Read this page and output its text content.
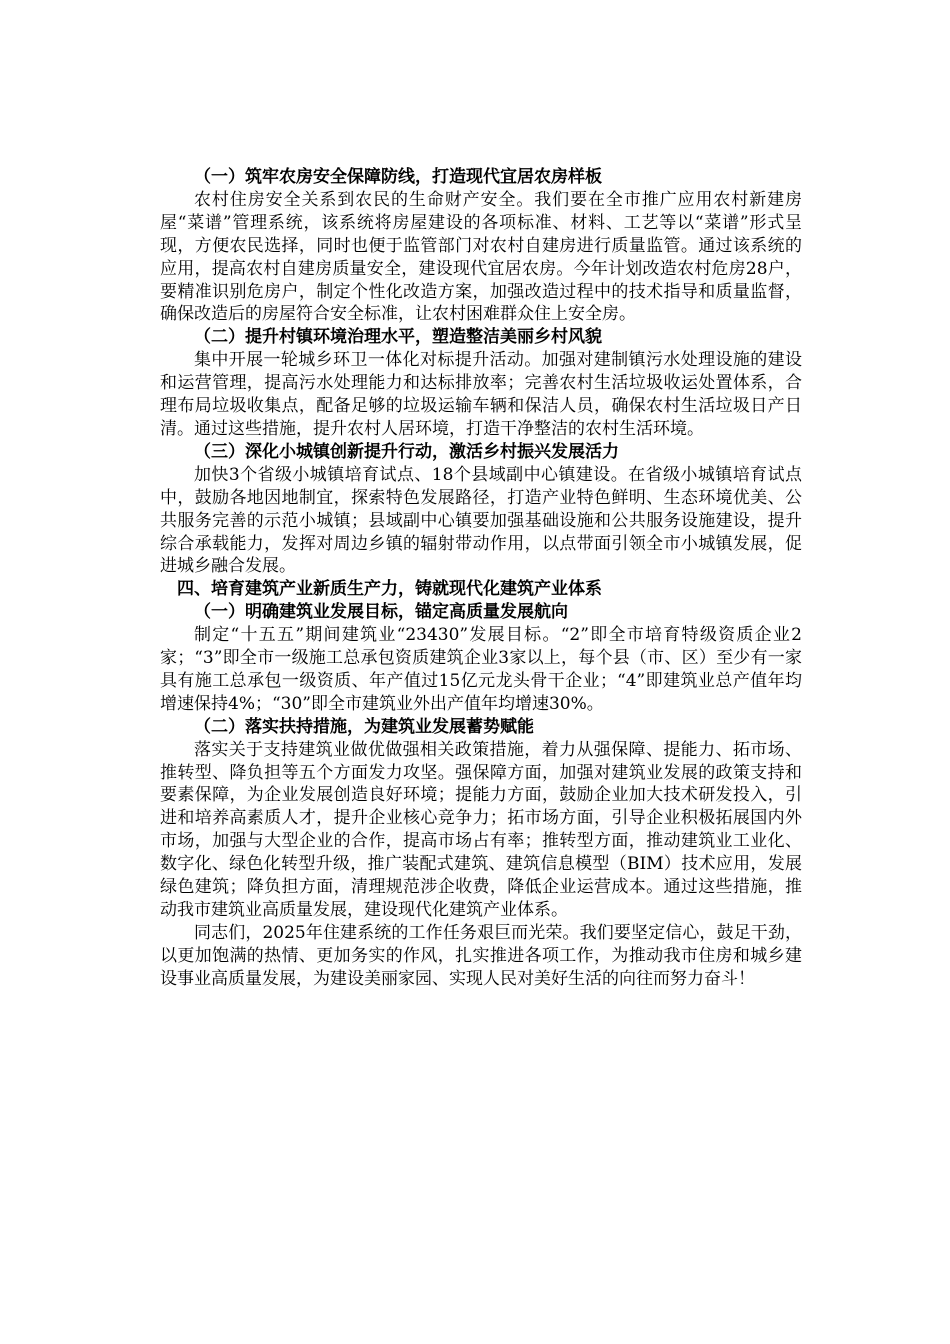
（一）筑牢农房安全保障防线，打造现代宜居农房样板

农村住房安全关系到农民的生命财产安全。我们要在全市推广应用农村新建房屋“菜谱”管理系统，该系统将房屋建设的各项标准、材料、工艺等以“菜谱”形式呈现，方便农民选择，同时也便于监管部门对农村自建房进行质量监管。通过该系统的应用，提高农村自建房质量安全，建设现代宜居农房。今年计划改造农村危房28户，要精准识别危房户，制定个性化改造方案，加强改造过程中的技术指导和质量监督，确保改造后的房屋符合安全标准，让农村困难群众住上安全房。

（二）提升村镇环境治理水平，塑造整洁美丽乡村风貌

集中开展一轮城乡环卫一体化对标提升活动。加强对建制镇污水处理设施的建设和运营管理，提高污水处理能力和达标排放率；完善农村生活垃圾收运处置体系，合理布局垃圾收集点，配备足够的垃圾运输车辆和保洁人员，确保农村生活垃圾日产日清。通过这些措施，提升农村人居环境，打造干净整洁的农村生活环境。

（三）深化小城镇创新提升行动，激活乡村振兴发展活力

加快3个省级小城镇培育试点、18个县域副中心镇建设。在省级小城镇培育试点中，鼓励各地因地制宜，探索特色发展路径，打造产业特色鲜明、生态环境优美、公共服务完善的示范小城镇；县域副中心镇要加强基础设施和公共服务设施建设，提升综合承载能力，发挥对周边乡镇的辐射带动作用，以点带面引领全市小城镇发展，促进城乡融合发展。

四、培育建筑产业新质生产力，铸就现代化建筑产业体系

（一）明确建筑业发展目标，锚定高质量发展航向

制定“十五五”期间建筑业“23430”发展目标。“2”即全市培育特级资质企业2家；“3”即全市一级施工总承包资质建筑企业3家以上，每个县（市、区）至少有一家具有施工总承包一级资质、年产值过15亿元龙头骨干企业；“4”即建筑业总产值年均增速保持4%；“30”即全市建筑业外出产值年均增速30%。

（二）落实扶持措施，为建筑业发展蓄势赋能

落实关于支持建筑业做优做强相关政策措施，着力从强保障、提能力、拓市场、推转型、降负担等五个方面发力攻坚。强保障方面，加强对建筑业发展的政策支持和要素保障，为企业发展创造良好环境；提能力方面，鼓励企业加大技术研发投入，引进和培养高素质人才，提升企业核心竞争力；拓市场方面，引导企业积极拓展国内外市场，加强与大型企业的合作，提高市场占有率；推转型方面，推动建筑业工业化、数字化、绿色化转型升级，推广装配式建筑、建筑信息模型（BIM）技术应用，发展绿色建筑；降负担方面，清理规范涉企收费，降低企业运营成本。通过这些措施，推动我市建筑业高质量发展，建设现代化建筑产业体系。

同志们，2025年住建系统的工作任务艰巨而光荣。我们要坚定信心，鼓足干劲，以更加饱满的热情、更加务实的作风，扎实推进各项工作，为推动我市住房和城乡建设事业高质量发展，为建设美丽家园、实现人民对美好生活的向往而努力奋斗！
